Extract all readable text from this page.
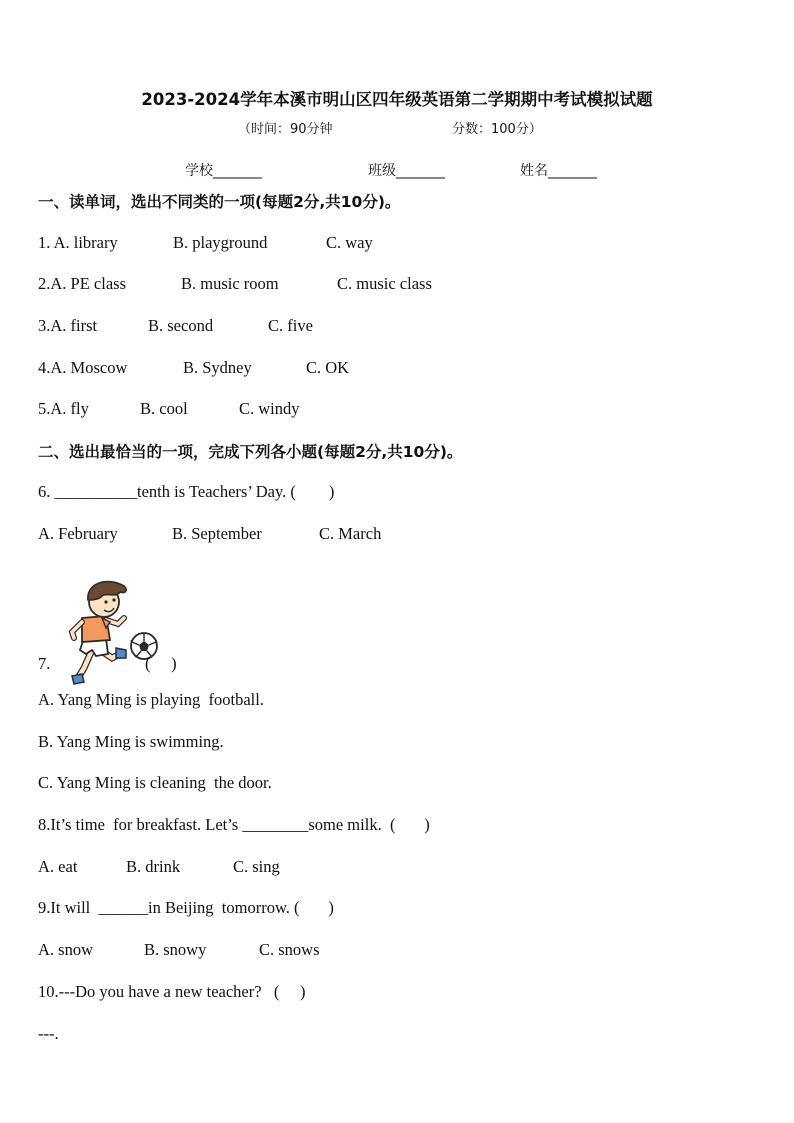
2023-2024学年本溪市明山区四年级英语第二学期期中考试模拟试题
（时间：90分钟	分数：100分）
学校_______	班级_______	姓名_______
一、读单词，选出不同类的一项(每题2分,共10分)。
1. A. library	B. playground	C. way
2.A. PE class	B. music room	C. music class
3.A. first	B. second	C. five
4.A. Moscow	B. Sydney	C. OK
5.A. fly	B. cool	C. windy
二、选出最恰当的一项，完成下列各小题(每题2分,共10分)。
6. __________tenth is Teachers’ Day. (        )
A. February	B. September	C. March

7.	(     )
A. Yang Ming is playing  football.
B. Yang Ming is swimming.
C. Yang Ming is cleaning  the door.
8.It’s time  for breakfast. Let’s ________some milk.  (       )
A. eat	B. drink	C. sing
9.It will  ______in Beijing  tomorrow. (       )
A. snow	B. snowy	C. snows
10.---Do you have a new teacher?   (     )
---.
